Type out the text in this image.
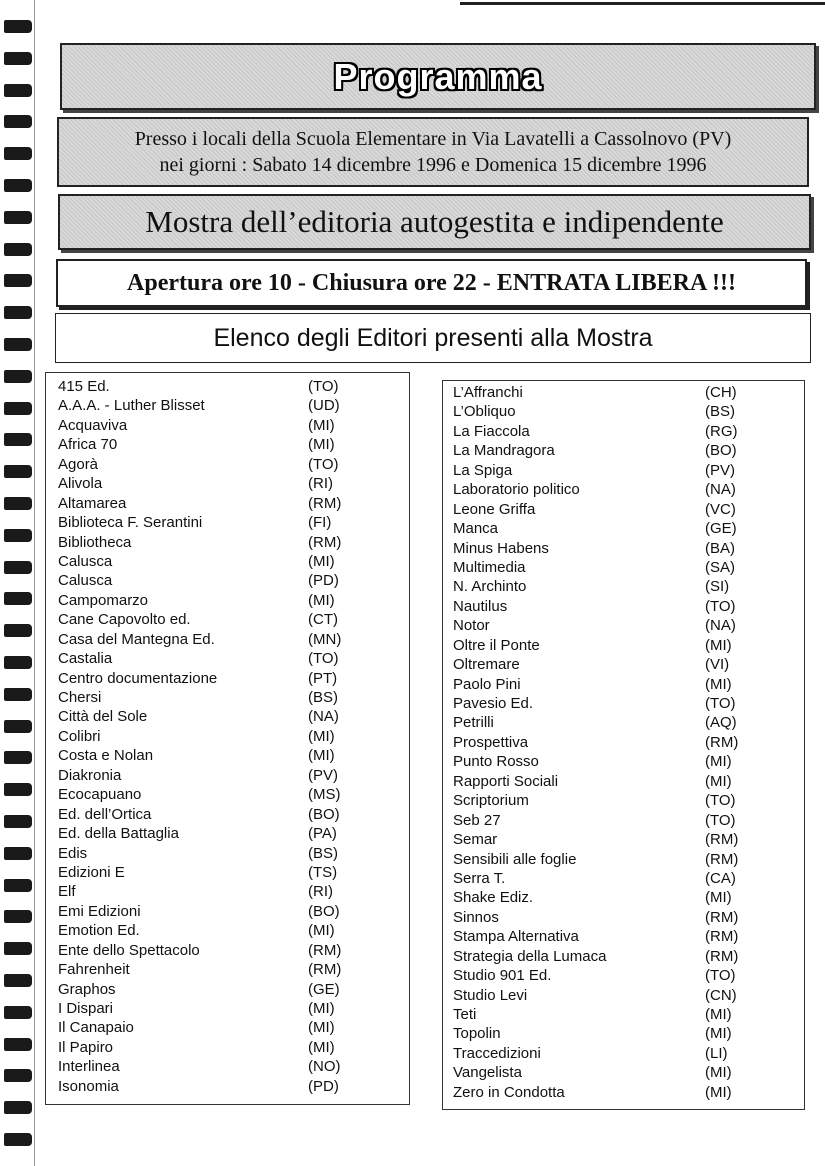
Programma
Presso i locali della Scuola Elementare in Via Lavatelli a Cassolnovo (PV)
nei giorni : Sabato 14 dicembre 1996 e Domenica 15 dicembre 1996
Mostra dell’editoria autogestita e indipendente
Apertura ore 10 - Chiusura ore 22 - ENTRATA LIBERA !!!
Elenco degli Editori presenti alla Mostra
415 Ed.	(TO)
A.A.A. - Luther Blisset	(UD)
Acquaviva	(MI)
Africa 70	(MI)
Agorà	(TO)
Alivola	(RI)
Altamarea	(RM)
Biblioteca F. Serantini	(FI)
Bibliotheca	(RM)
Calusca	(MI)
Calusca	(PD)
Campomarzo	(MI)
Cane Capovolto ed.	(CT)
Casa del Mantegna Ed.	(MN)
Castalia	(TO)
Centro documentazione	(PT)
Chersi	(BS)
Città del Sole	(NA)
Colibri	(MI)
Costa e Nolan	(MI)
Diakronia	(PV)
Ecocapuano	(MS)
Ed. dell’Ortica	(BO)
Ed. della Battaglia	(PA)
Edis	(BS)
Edizioni E	(TS)
Elf	(RI)
Emi Edizioni	(BO)
Emotion Ed.	(MI)
Ente dello Spettacolo	(RM)
Fahrenheit	(RM)
Graphos	(GE)
I Dispari	(MI)
Il Canapaio	(MI)
Il Papiro	(MI)
Interlinea	(NO)
Isonomia	(PD)
L’Affranchi	(CH)
L’Obliquo	(BS)
La Fiaccola	(RG)
La Mandragora	(BO)
La Spiga	(PV)
Laboratorio politico	(NA)
Leone Griffa	(VC)
Manca	(GE)
Minus Habens	(BA)
Multimedia	(SA)
N. Archinto	(SI)
Nautilus	(TO)
Notor	(NA)
Oltre il Ponte	(MI)
Oltremare	(VI)
Paolo Pini	(MI)
Pavesio Ed.	(TO)
Petrilli	(AQ)
Prospettiva	(RM)
Punto Rosso	(MI)
Rapporti Sociali	(MI)
Scriptorium	(TO)
Seb 27	(TO)
Semar	(RM)
Sensibili alle foglie	(RM)
Serra T.	(CA)
Shake Ediz.	(MI)
Sinnos	(RM)
Stampa Alternativa	(RM)
Strategia della Lumaca	(RM)
Studio 901 Ed.	(TO)
Studio Levi	(CN)
Teti	(MI)
Topolin	(MI)
Traccedizioni	(LI)
Vangelista	(MI)
Zero in Condotta	(MI)
